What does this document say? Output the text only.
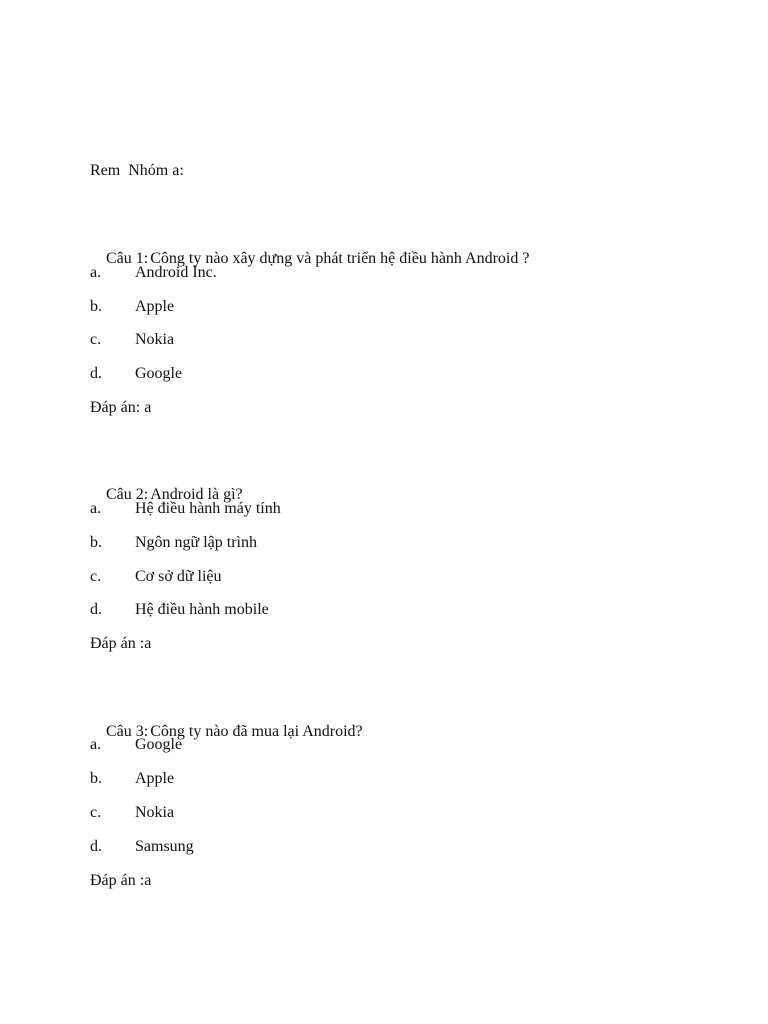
Rem  Nhóm a:

Câu 1: Công ty nào xây dựng và phát triển hệ điều hành Android ?

a. Android Inc.
b. Apple
c. Nokia
d. Google
Đáp án: a

Câu 2: Android là gì?

a. Hệ điều hành máy tính
b. Ngôn ngữ lập trình
c. Cơ sở dữ liệu
d. Hệ điều hành mobile
Đáp án :a

Câu 3: Công ty nào đã mua lại Android?

a. Google
b. Apple
c. Nokia
d. Samsung
Đáp án :a
